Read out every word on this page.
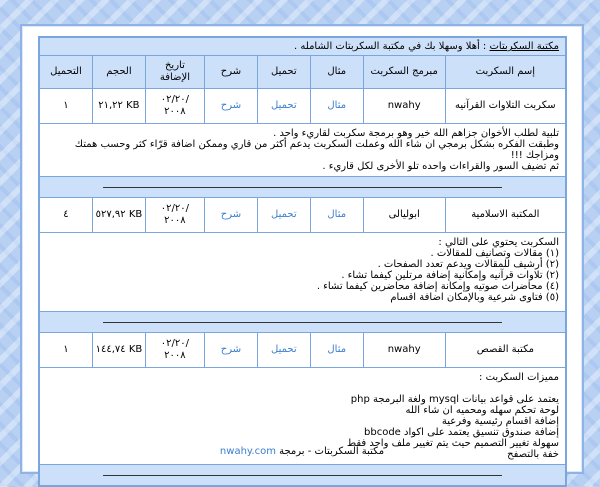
مكتبة السكربتات : أهلا وسهلا بك في مكتبة السكربتات الشامله .							
إسم السكربت	مبرمج السكربت	مثال	تحميل	شرح	تاريخ الإضافة	الحجم	التحميل
سكربت التلاوات القرآنيه	nwahy	مثال	تحميل	شرح	/٠٢/٢٠ ٢٠٠٨	KB ٢١,٢٢	١

تلبية لطلب الأخوان جزاهم الله خير وهو برمجة سكربت لقاريء واحد .
وطبقت الفكره بشكل برمجي ان شاء الله وعملت السكربت يدعم أكثر من قاري وممكن اضافة قرّاء كثر وحسب همتك ومزاجك !!!
ثم تضيف السور والقراءات واحده تلو الأخرى لكل قاريء .							

المكتبة الاسلامية	ابوليالى	مثال	تحميل	شرح	/٠٢/٢٠ ٢٠٠٨	KB ٥٢٧,٩٢	٤

السكربت يحتوي على التالي :
(١) مقالات وتصانيف للمقالات .
(٢) أرشيف للمقالات ويدعم تعدد الصفحات .
(٢) تلاوات قرآنيه وإمكانية إضافة مرتلين كيفما تشاء .
(٤) محاضرات صوتيه وإمكانة إضافة محاضرين كيفما تشاء .
(٥) فتاوى شرعية وبالإمكان اضافة اقسام

مكتبة القصص	nwahy	مثال	تحميل	شرح	/٠٢/٢٠ ٢٠٠٨	KB ١٤٤,٧٤	١

مميزات السكربت :
يعتمد على قواعد بيانات mysql ولغة البرمجة php
لوحة تحكم سهله ومحميه ان شاء الله
إضافة اقسام رئيسية وفرعية
إضافة صندوق تنسيق يعتمد على اكواد bbcode
سهولة تغيير التصميم حيث يتم تغيير ملف واحد فقط
خفة بالتصفح

مكتبة السكربتات - برمجة nwahy.com
